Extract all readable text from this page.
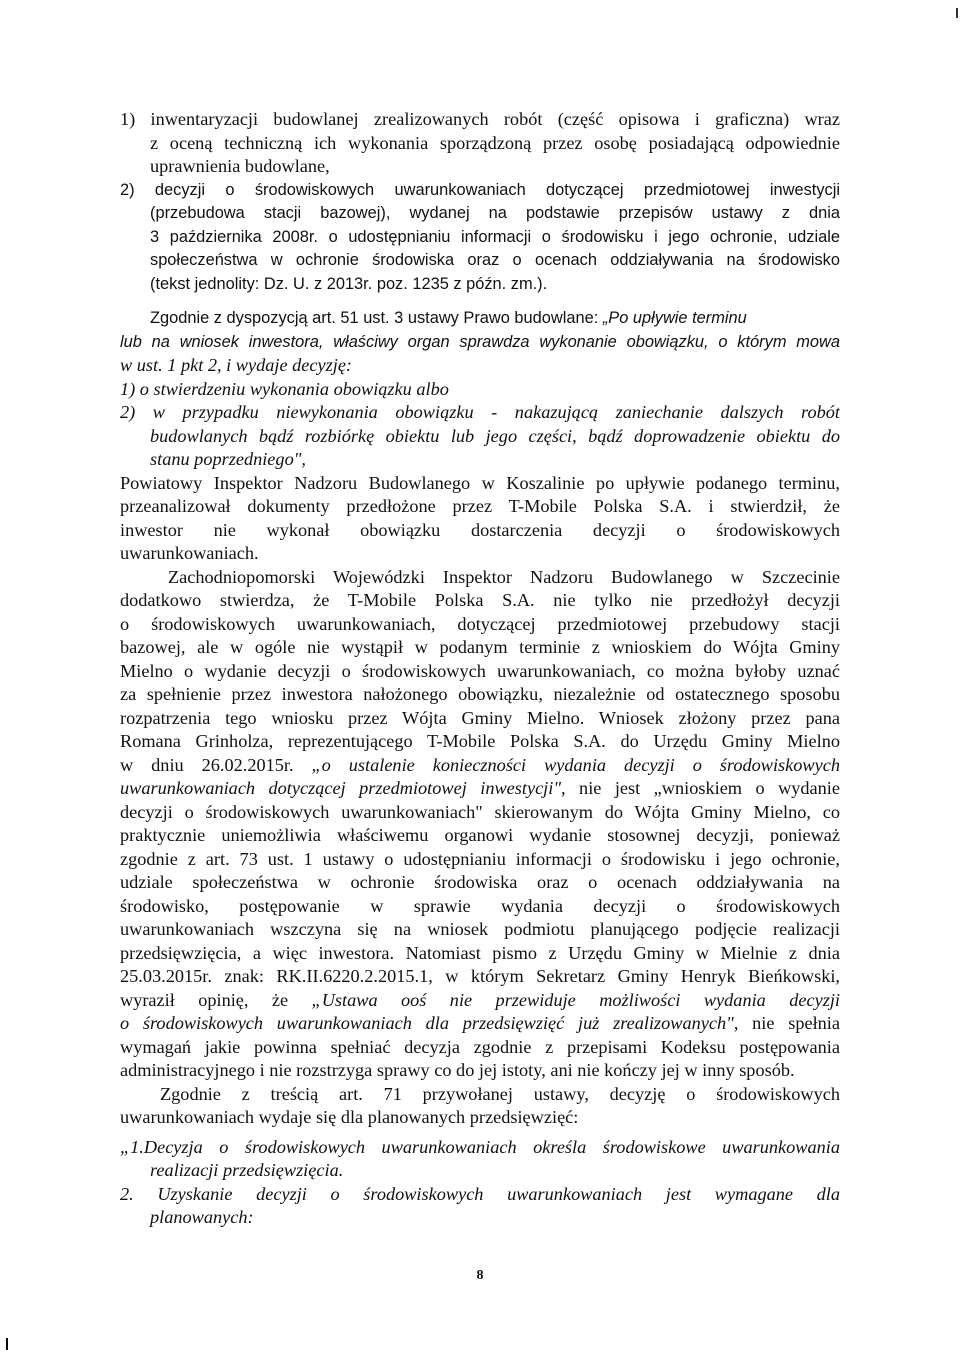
1) inwentaryzacji budowlanej zrealizowanych robót (część opisowa i graficzna) wraz
z oceną techniczną ich wykonania sporządzoną przez osobę posiadającą odpowiednie
uprawnienia budowlane,
2) decyzji o środowiskowych uwarunkowaniach dotyczącej przedmiotowej inwestycji
(przebudowa stacji bazowej), wydanej na podstawie przepisów ustawy z dnia
3 października 2008r. o udostępnianiu informacji o środowisku i jego ochronie, udziale
społeczeństwa w ochronie środowiska oraz o ocenach oddziaływania na środowisko
(tekst jednolity: Dz. U. z 2013r. poz. 1235 z późn. zm.).
Zgodnie z dyspozycją art. 51 ust. 3 ustawy Prawo budowlane: „Po upływie terminu
lub na wniosek inwestora, właściwy organ sprawdza wykonanie obowiązku, o którym mowa
w ust. 1 pkt 2, i wydaje decyzję:
1) o stwierdzeniu wykonania obowiązku albo
2) w przypadku niewykonania obowiązku - nakazującą zaniechanie dalszych robót
budowlanych bądź rozbiórkę obiektu lub jego części, bądź doprowadzenie obiektu do
stanu poprzedniego",
Powiatowy Inspektor Nadzoru Budowlanego w Koszalinie po upływie podanego terminu,
przeanalizował dokumenty przedłożone przez T-Mobile Polska S.A. i stwierdził, że
inwestor nie wykonał obowiązku dostarczenia decyzji o środowiskowych
uwarunkowaniach.
Zachodniopomorski Wojewódzki Inspektor Nadzoru Budowlanego w Szczecinie
dodatkowo stwierdza, że T-Mobile Polska S.A. nie tylko nie przedłożył decyzji
o środowiskowych uwarunkowaniach, dotyczącej przedmiotowej przebudowy stacji
bazowej, ale w ogóle nie wystąpił w podanym terminie z wnioskiem do Wójta Gminy
Mielno o wydanie decyzji o środowiskowych uwarunkowaniach, co można byłoby uznać
za spełnienie przez inwestora nałożonego obowiązku, niezależnie od ostatecznego sposobu
rozpatrzenia tego wniosku przez Wójta Gminy Mielno. Wniosek złożony przez pana
Romana Grinholza, reprezentującego T-Mobile Polska S.A. do Urzędu Gminy Mielno
w dniu 26.02.2015r. „o ustalenie konieczności wydania decyzji o środowiskowych
uwarunkowaniach dotyczącej przedmiotowej inwestycji", nie jest „wnioskiem o wydanie
decyzji o środowiskowych uwarunkowaniach" skierowanym do Wójta Gminy Mielno, co
praktycznie uniemożliwia właściwemu organowi wydanie stosownej decyzji, ponieważ
zgodnie z art. 73 ust. 1 ustawy o udostępnianiu informacji o środowisku i jego ochronie,
udziale społeczeństwa w ochronie środowiska oraz o ocenach oddziaływania na
środowisko, postępowanie w sprawie wydania decyzji o środowiskowych
uwarunkowaniach wszczyna się na wniosek podmiotu planującego podjęcie realizacji
przedsięwzięcia, a więc inwestora. Natomiast pismo z Urzędu Gminy w Mielnie z dnia
25.03.2015r. znak: RK.II.6220.2.2015.1, w którym Sekretarz Gminy Henryk Bieńkowski,
wyraził opinię, że „Ustawa ooś nie przewiduje możliwości wydania decyzji
o środowiskowych uwarunkowaniach dla przedsięwzięć już zrealizowanych", nie spełnia
wymagań jakie powinna spełniać decyzja zgodnie z przepisami Kodeksu postępowania
administracyjnego i nie rozstrzyga sprawy co do jej istoty, ani nie kończy jej w inny sposób.
Zgodnie z treścią art. 71 przywołanej ustawy, decyzję o środowiskowych
uwarunkowaniach wydaje się dla planowanych przedsięwzięć:
„1.Decyzja o środowiskowych uwarunkowaniach określa środowiskowe uwarunkowania
realizacji przedsięwzięcia.
2. Uzyskanie decyzji o środowiskowych uwarunkowaniach jest wymagane dla
planowanych:
8
